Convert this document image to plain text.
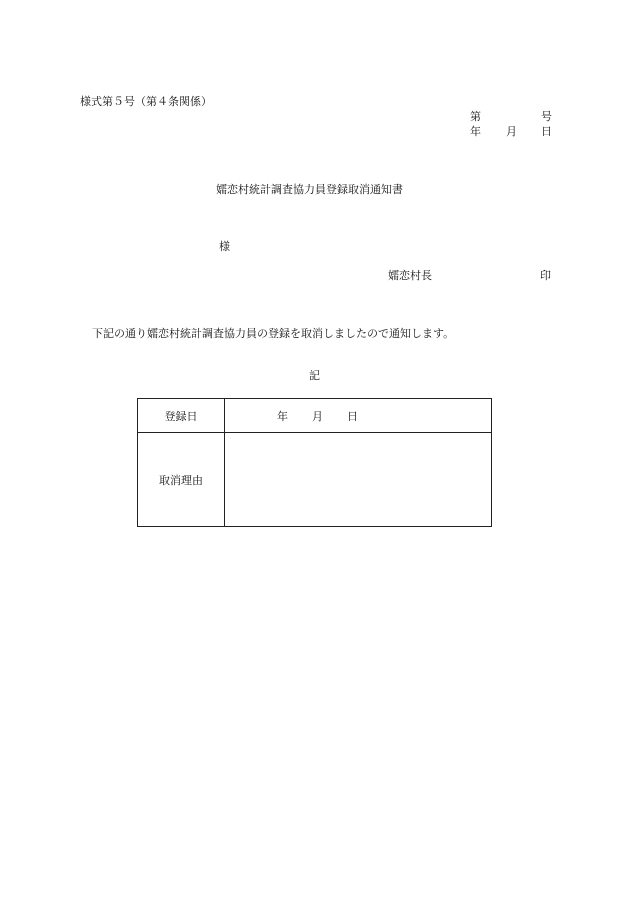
様式第５号（第４条関係）
第	号
年 月 日
嬬恋村統計調査協力員登録取消通知書
様
嬬恋村長	印
下記の通り嬬恋村統計調査協力員の登録を取消しましたので通知します。
記
登録日	年 月 日
取消理由	
